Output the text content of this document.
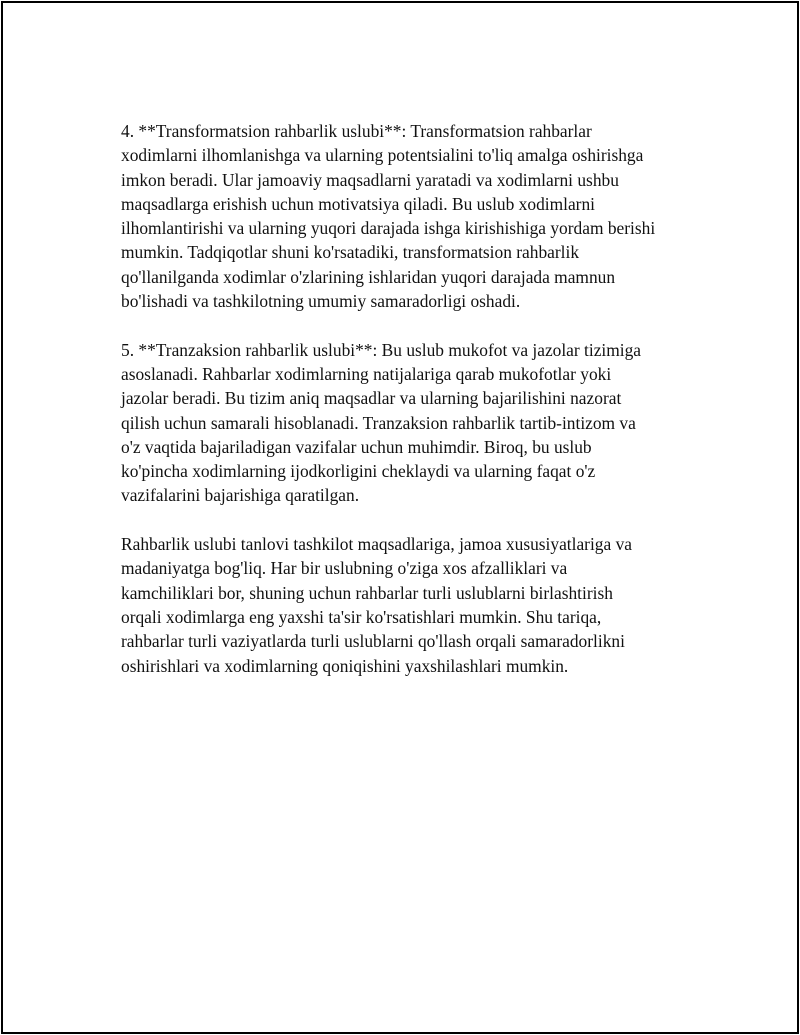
4. **Transformatsion rahbarlik uslubi**: Transformatsion rahbarlar
xodimlarni ilhomlanishga va ularning potentsialini to'liq amalga oshirishga
imkon beradi. Ular jamoaviy maqsadlarni yaratadi va xodimlarni ushbu
maqsadlarga erishish uchun motivatsiya qiladi. Bu uslub xodimlarni
ilhomlantirishi va ularning yuqori darajada ishga kirishishiga yordam berishi
mumkin. Tadqiqotlar shuni ko'rsatadiki, transformatsion rahbarlik
qo'llanilganda xodimlar o'zlarining ishlaridan yuqori darajada mamnun
bo'lishadi va tashkilotning umumiy samaradorligi oshadi.

5. **Tranzaksion rahbarlik uslubi**: Bu uslub mukofot va jazolar tizimiga
asoslanadi. Rahbarlar xodimlarning natijalariga qarab mukofotlar yoki
jazolar beradi. Bu tizim aniq maqsadlar va ularning bajarilishini nazorat
qilish uchun samarali hisoblanadi. Tranzaksion rahbarlik tartib-intizom va
o'z vaqtida bajariladigan vazifalar uchun muhimdir. Biroq, bu uslub
ko'pincha xodimlarning ijodkorligini cheklaydi va ularning faqat o'z
vazifalarini bajarishiga qaratilgan.

Rahbarlik uslubi tanlovi tashkilot maqsadlariga, jamoa xususiyatlariga va
madaniyatga bog'liq. Har bir uslubning o'ziga xos afzalliklari va
kamchiliklari bor, shuning uchun rahbarlar turli uslublarni birlashtirish
orqali xodimlarga eng yaxshi ta'sir ko'rsatishlari mumkin. Shu tariqa,
rahbarlar turli vaziyatlarda turli uslublarni qo'llash orqali samaradorlikni
oshirishlari va xodimlarning qoniqishini yaxshilashlari mumkin.
